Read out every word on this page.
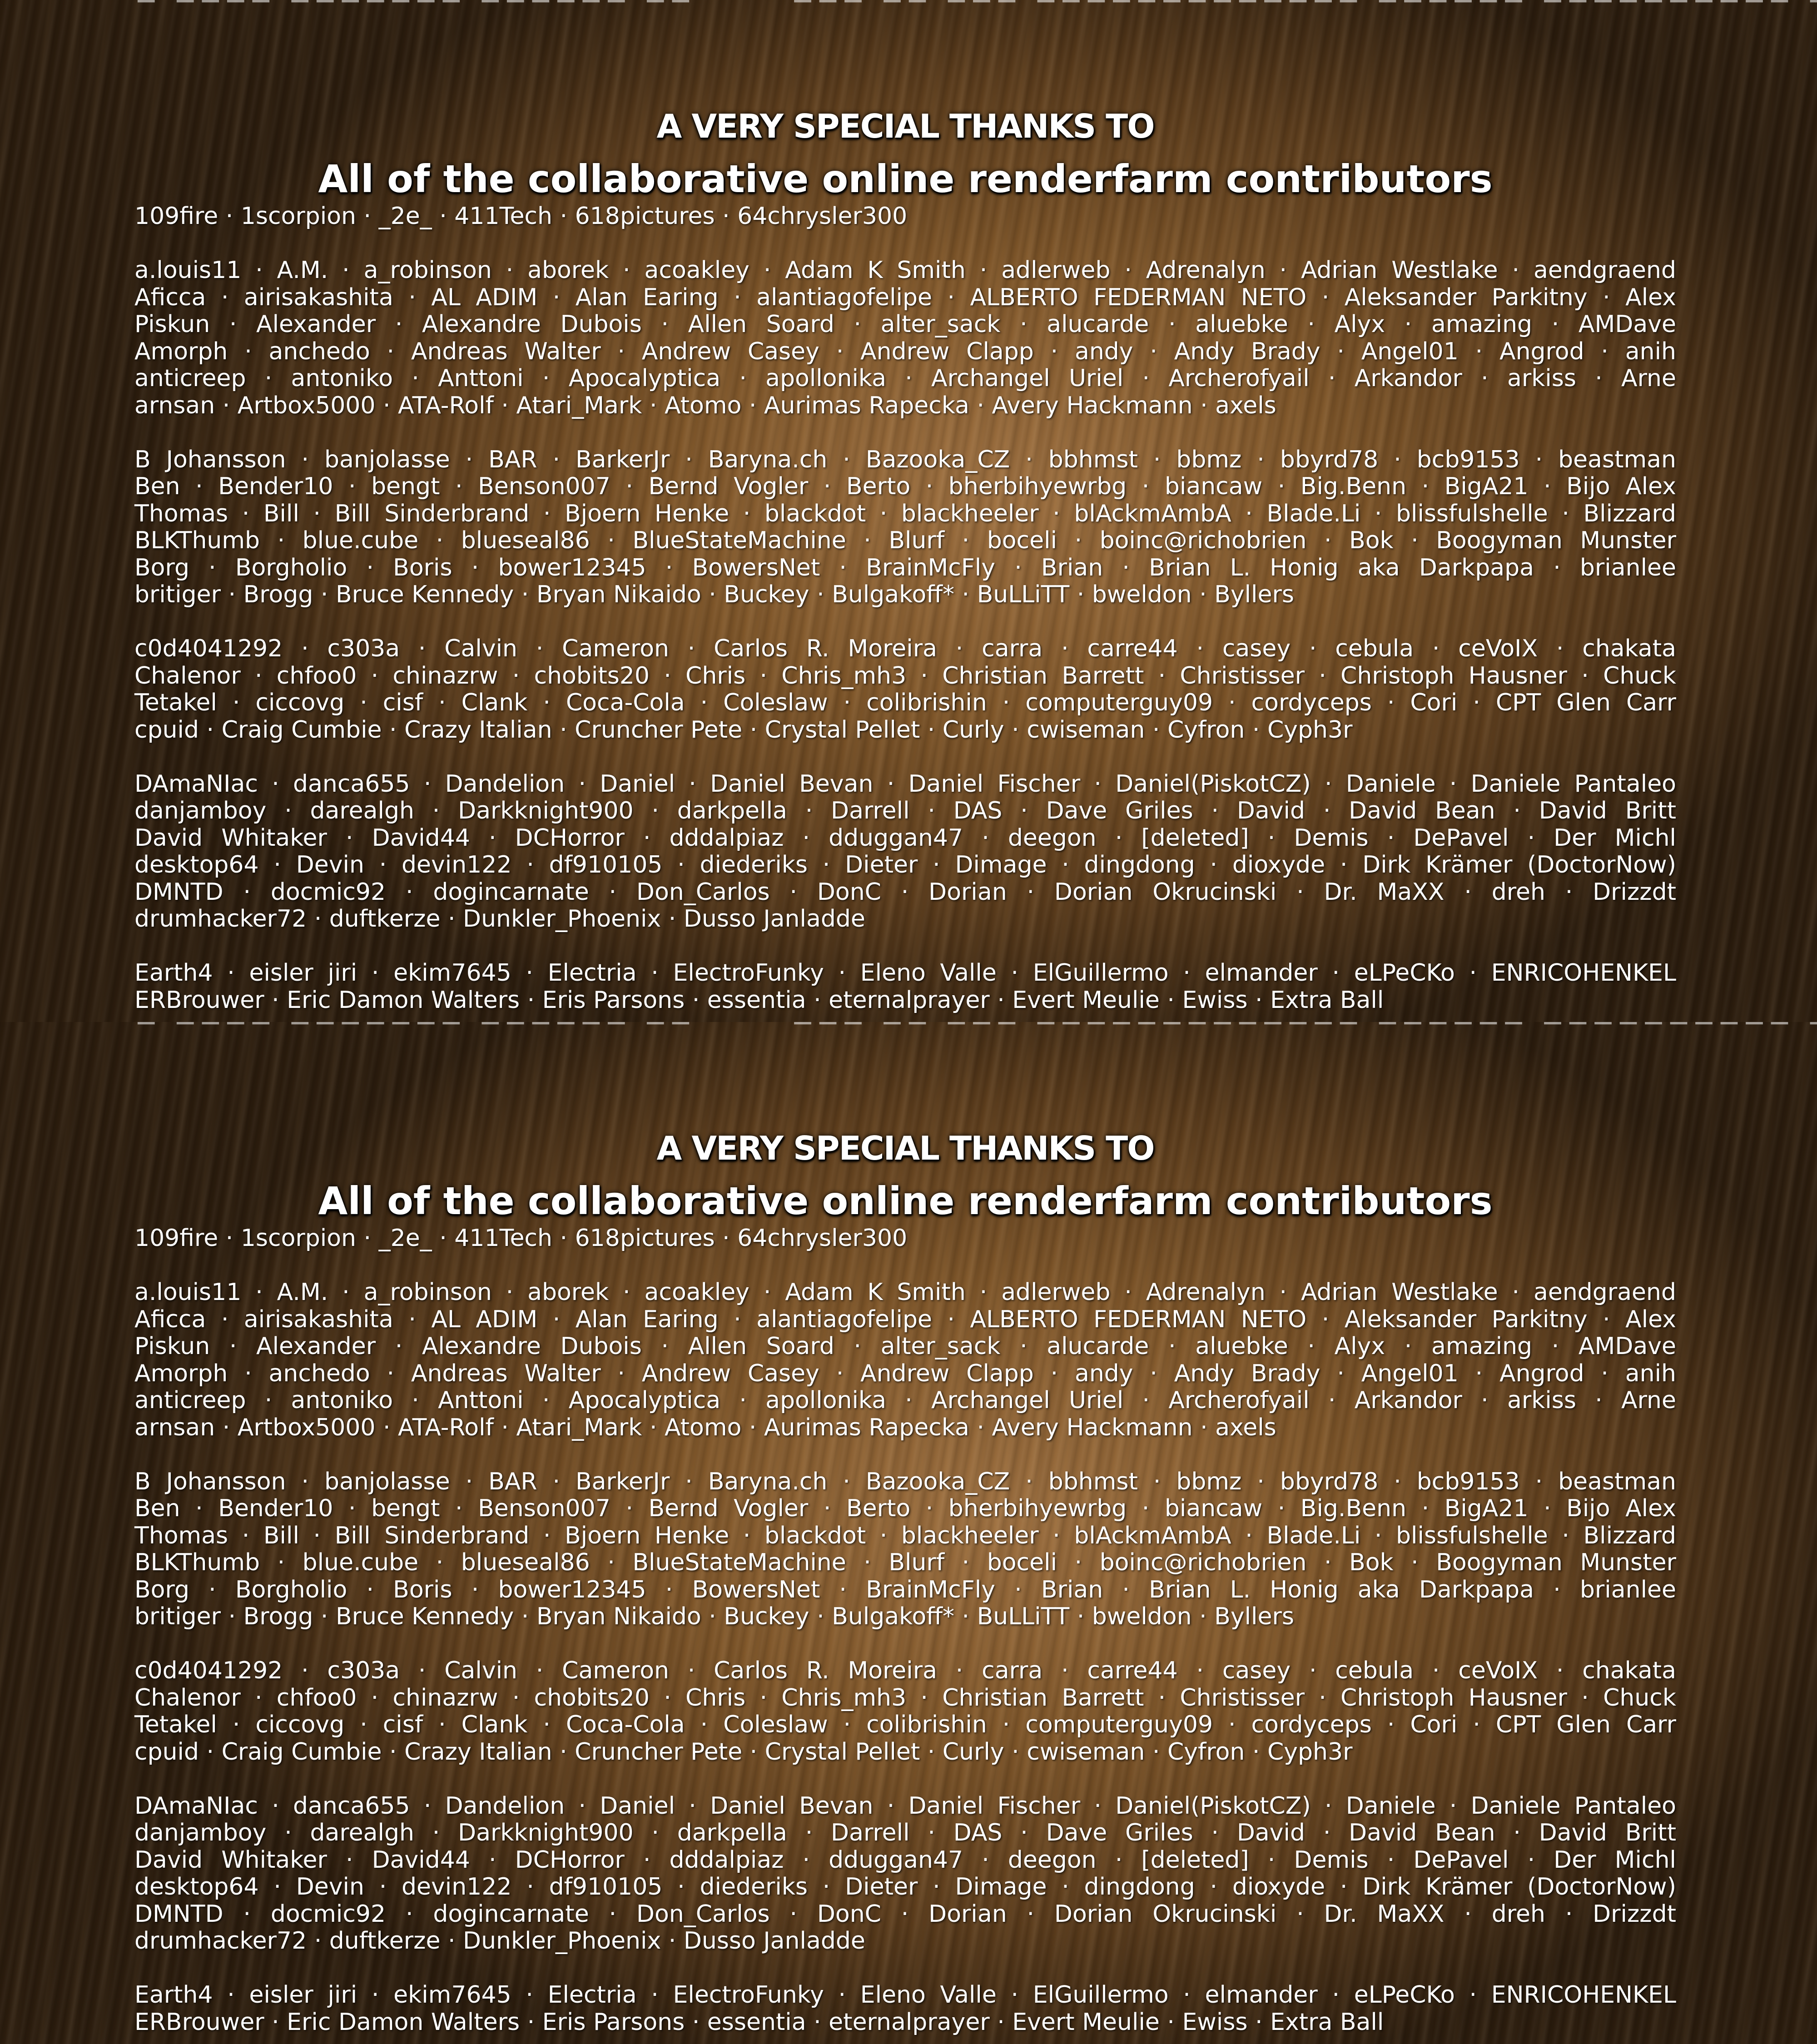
A VERY SPECIAL THANKS TO
All of the collaborative online renderfarm contributors
109fire · 1scorpion · _2e_ · 411Tech · 618pictures · 64chrysler300
a.louis11 · A.M. · a_robinson · aborek · acoakley · Adam K Smith · adlerweb · Adrenalyn · Adrian Westlake · aendgraend
Aficca · airisakashita · AL ADIM · Alan Earing · alantiagofelipe · ALBERTO FEDERMAN NETO · Aleksander Parkitny · Alex
Piskun · Alexander · Alexandre Dubois · Allen Soard · alter_sack · alucarde · aluebke · Alyx · amazing · AMDave
Amorph · anchedo · Andreas Walter · Andrew Casey · Andrew Clapp · andy · Andy Brady · Angel01 · Angrod · anih
anticreep · antoniko · Anttoni · Apocalyptica · apollonika · Archangel Uriel · Archerofyail · Arkandor · arkiss · Arne
arnsan · Artbox5000 · ATA-Rolf · Atari_Mark · Atomo · Aurimas Rapecka · Avery Hackmann · axels
B Johansson · banjolasse · BAR · BarkerJr · Baryna.ch · Bazooka_CZ · bbhmst · bbmz · bbyrd78 · bcb9153 · beastman
Ben · Bender10 · bengt · Benson007 · Bernd Vogler · Berto · bherbihyewrbg · biancaw · Big.Benn · BigA21 · Bijo Alex
Thomas · Bill · Bill Sinderbrand · Bjoern Henke · blackdot · blackheeler · blAckmAmbA · Blade.Li · blissfulshelle · Blizzard
BLKThumb · blue.cube · blueseal86 · BlueStateMachine · Blurf · boceli · boinc@richobrien · Bok · Boogyman Munster
Borg · Borgholio · Boris · bower12345 · BowersNet · BrainMcFly · Brian · Brian L. Honig aka Darkpapa · brianlee
britiger · Brogg · Bruce Kennedy · Bryan Nikaido · Buckey · Bulgakoff* · BuLLiTT · bweldon · Byllers
c0d4041292 · c303a · Calvin · Cameron · Carlos R. Moreira · carra · carre44 · casey · cebula · ceVoIX · chakata
Chalenor · chfoo0 · chinazrw · chobits20 · Chris · Chris_mh3 · Christian Barrett · Christisser · Christoph Hausner · Chuck
Tetakel · ciccovg · cisf · Clank · Coca-Cola · Coleslaw · colibrishin · computerguy09 · cordyceps · Cori · CPT Glen Carr
cpuid · Craig Cumbie · Crazy Italian · Cruncher Pete · Crystal Pellet · Curly · cwiseman · Cyfron · Cyph3r
DAmaNIac · danca655 · Dandelion · Daniel · Daniel Bevan · Daniel Fischer · Daniel(PiskotCZ) · Daniele · Daniele Pantaleo
danjamboy · darealgh · Darkknight900 · darkpella · Darrell · DAS · Dave Griles · David · David Bean · David Britt
David Whitaker · David44 · DCHorror · dddalpiaz · dduggan47 · deegon · [deleted] · Demis · DePavel · Der Michl
desktop64 · Devin · devin122 · df910105 · diederiks · Dieter · Dimage · dingdong · dioxyde · Dirk Krämer (DoctorNow)
DMNTD · docmic92 · dogincarnate · Don_Carlos · DonC · Dorian · Dorian Okrucinski · Dr. MaXX · dreh · Drizzdt
drumhacker72 · duftkerze · Dunkler_Phoenix · Dusso Janladde
Earth4 · eisler jiri · ekim7645 · Electria · ElectroFunky · Eleno Valle · ElGuillermo · elmander · eLPeCKo · ENRICOHENKEL
ERBrouwer · Eric Damon Walters · Eris Parsons · essentia · eternalprayer · Evert Meulie · Ewiss · Extra Ball
A VERY SPECIAL THANKS TO
All of the collaborative online renderfarm contributors
109fire · 1scorpion · _2e_ · 411Tech · 618pictures · 64chrysler300
a.louis11 · A.M. · a_robinson · aborek · acoakley · Adam K Smith · adlerweb · Adrenalyn · Adrian Westlake · aendgraend
Aficca · airisakashita · AL ADIM · Alan Earing · alantiagofelipe · ALBERTO FEDERMAN NETO · Aleksander Parkitny · Alex
Piskun · Alexander · Alexandre Dubois · Allen Soard · alter_sack · alucarde · aluebke · Alyx · amazing · AMDave
Amorph · anchedo · Andreas Walter · Andrew Casey · Andrew Clapp · andy · Andy Brady · Angel01 · Angrod · anih
anticreep · antoniko · Anttoni · Apocalyptica · apollonika · Archangel Uriel · Archerofyail · Arkandor · arkiss · Arne
arnsan · Artbox5000 · ATA-Rolf · Atari_Mark · Atomo · Aurimas Rapecka · Avery Hackmann · axels
B Johansson · banjolasse · BAR · BarkerJr · Baryna.ch · Bazooka_CZ · bbhmst · bbmz · bbyrd78 · bcb9153 · beastman
Ben · Bender10 · bengt · Benson007 · Bernd Vogler · Berto · bherbihyewrbg · biancaw · Big.Benn · BigA21 · Bijo Alex
Thomas · Bill · Bill Sinderbrand · Bjoern Henke · blackdot · blackheeler · blAckmAmbA · Blade.Li · blissfulshelle · Blizzard
BLKThumb · blue.cube · blueseal86 · BlueStateMachine · Blurf · boceli · boinc@richobrien · Bok · Boogyman Munster
Borg · Borgholio · Boris · bower12345 · BowersNet · BrainMcFly · Brian · Brian L. Honig aka Darkpapa · brianlee
britiger · Brogg · Bruce Kennedy · Bryan Nikaido · Buckey · Bulgakoff* · BuLLiTT · bweldon · Byllers
c0d4041292 · c303a · Calvin · Cameron · Carlos R. Moreira · carra · carre44 · casey · cebula · ceVoIX · chakata
Chalenor · chfoo0 · chinazrw · chobits20 · Chris · Chris_mh3 · Christian Barrett · Christisser · Christoph Hausner · Chuck
Tetakel · ciccovg · cisf · Clank · Coca-Cola · Coleslaw · colibrishin · computerguy09 · cordyceps · Cori · CPT Glen Carr
cpuid · Craig Cumbie · Crazy Italian · Cruncher Pete · Crystal Pellet · Curly · cwiseman · Cyfron · Cyph3r
DAmaNIac · danca655 · Dandelion · Daniel · Daniel Bevan · Daniel Fischer · Daniel(PiskotCZ) · Daniele · Daniele Pantaleo
danjamboy · darealgh · Darkknight900 · darkpella · Darrell · DAS · Dave Griles · David · David Bean · David Britt
David Whitaker · David44 · DCHorror · dddalpiaz · dduggan47 · deegon · [deleted] · Demis · DePavel · Der Michl
desktop64 · Devin · devin122 · df910105 · diederiks · Dieter · Dimage · dingdong · dioxyde · Dirk Krämer (DoctorNow)
DMNTD · docmic92 · dogincarnate · Don_Carlos · DonC · Dorian · Dorian Okrucinski · Dr. MaXX · dreh · Drizzdt
drumhacker72 · duftkerze · Dunkler_Phoenix · Dusso Janladde
Earth4 · eisler jiri · ekim7645 · Electria · ElectroFunky · Eleno Valle · ElGuillermo · elmander · eLPeCKo · ENRICOHENKEL
ERBrouwer · Eric Damon Walters · Eris Parsons · essentia · eternalprayer · Evert Meulie · Ewiss · Extra Ball
